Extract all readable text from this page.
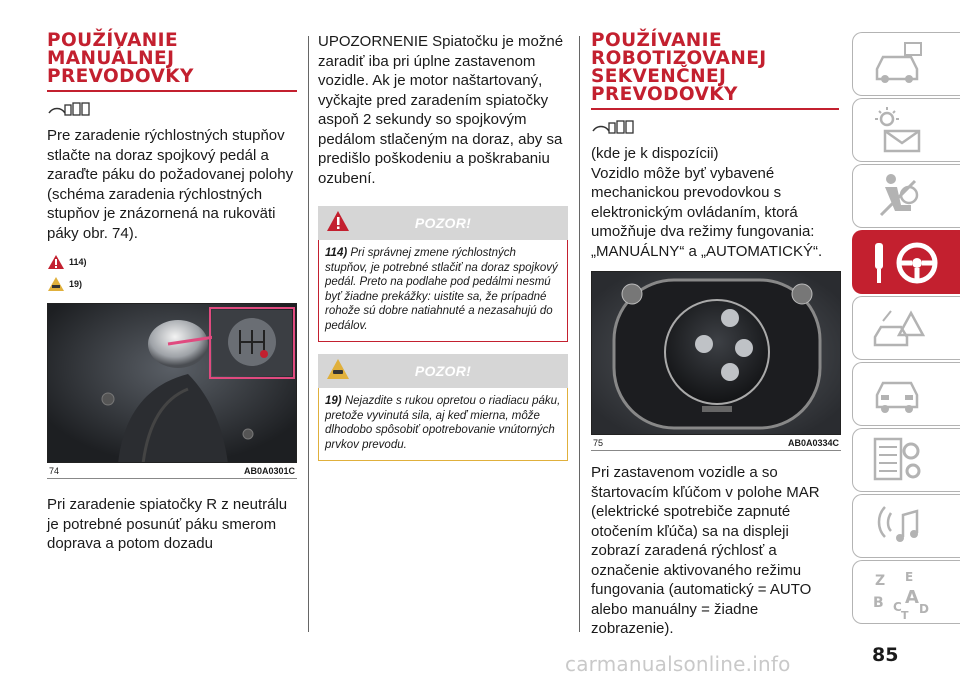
POUŽÍVANIE
MANUÁLNEJ
PREVODOVKY
Pre zaradenie rýchlostných stupňov stlačte na doraz spojkový pedál a zaraďte páku do požadovanej polohy (schéma zaradenia rýchlostných stupňov je znázornená na rukoväti páky obr. 74).
114)
19)
74	AB0A0301C
Pri zaradenie spiatočky R z neutrálu je potrebné posunúť páku smerom doprava a potom dozadu
UPOZORNENIE Spiatočku je možné zaradiť iba pri úplne zastavenom vozidle. Ak je motor naštartovaný, vyčkajte pred zaradením spiatočky aspoň 2 sekundy so spojkovým pedálom stlačeným na doraz, aby sa predišlo poškodeniu a poškrabaniu ozubení.
POZOR!
114) Pri správnej zmene rýchlostných stupňov, je potrebné stlačiť na doraz spojkový pedál. Preto na podlahe pod pedálmi nesmú byť žiadne prekážky: uistite sa, že prípadné rohože sú dobre natiahnuté a nezasahujú do pedálov.
POZOR!
19) Nejazdite s rukou opretou o riadiacu páku, pretože vyvinutá sila, aj keď mierna, môže dlhodobo spôsobiť opotrebovanie vnútorných prvkov prevodu.
POUŽÍVANIE
ROBOTIZOVANEJ
SEKVENČNEJ
PREVODOVKY
(kde je k dispozícii)
Vozidlo môže byť vybavené mechanickou prevodovkou s elektronickým ovládaním, ktorá umožňuje dva režimy fungovania: „MANUÁLNY“ a „AUTOMATICKÝ“.
75	AB0A0334C
Pri zastavenom vozidle a so štartovacím kľúčom v polohe MAR (elektrické spotrebiče zapnuté otočením kľúča) sa na displeji zobrazí zaradená rýchlosť a označenie aktivovaného režimu fungovania (automatický = AUTO alebo manuálny = žiadne zobrazenie).
Z E
B C A
D
T
85
carmanualsonline.info
